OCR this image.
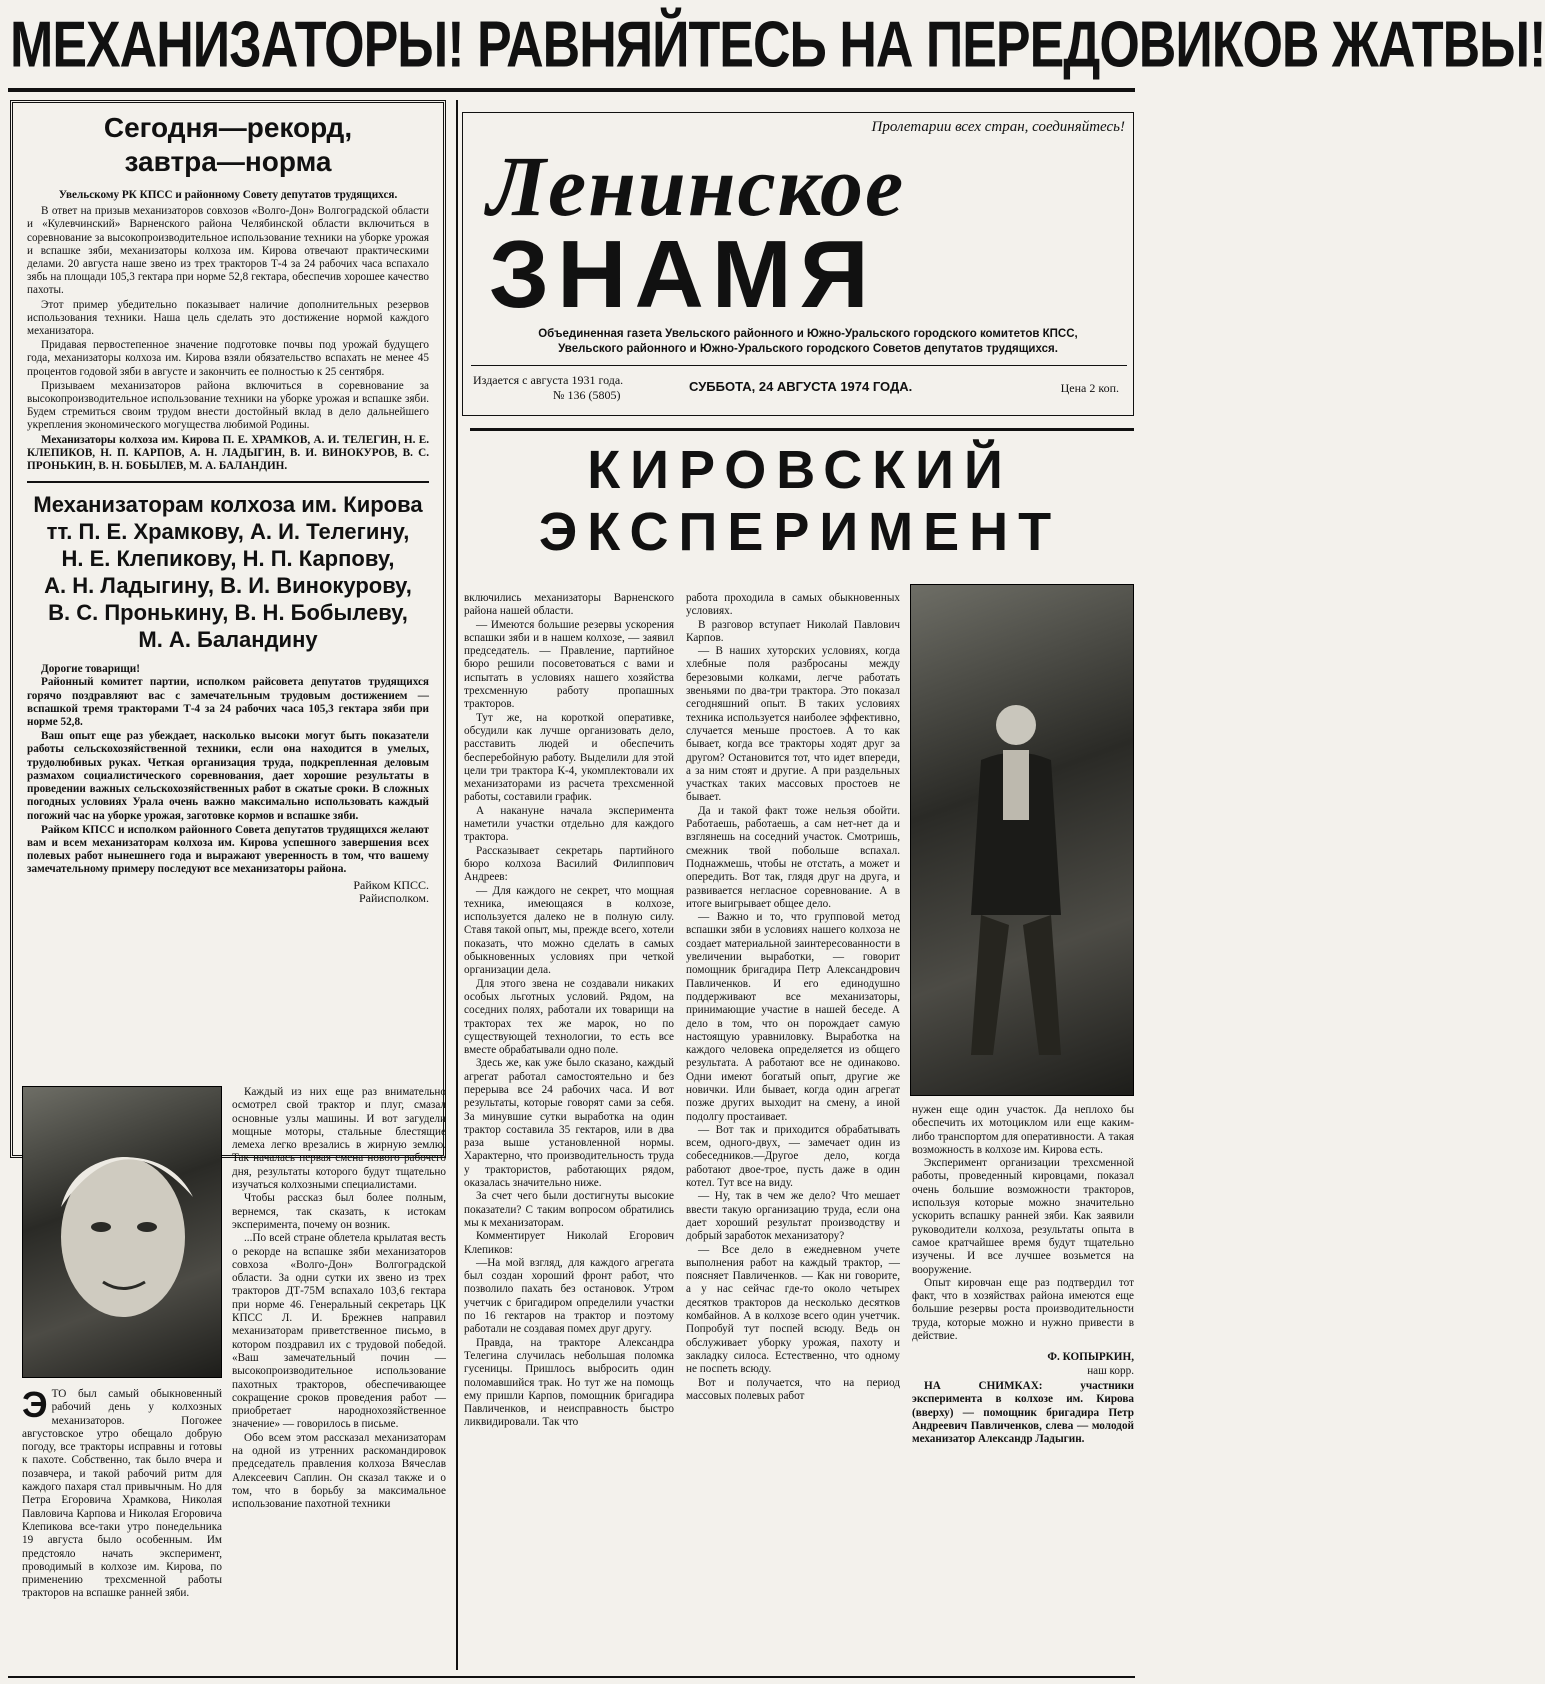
МЕХАНИЗАТОРЫ! РАВНЯЙТЕСЬ НА ПЕРЕДОВИКОВ ЖАТВЫ!
Сегодня—рекорд,
завтра—норма
Увельскому РК КПСС и районному Совету депутатов трудящихся.

В ответ на призыв механизаторов совхозов «Волго-Дон» Волгоградской области и «Кулевчинский» Варненского района Челябинской области включиться в соревнование за высокопроизводительное использование техники на уборке урожая и вспашке зяби, механизаторы колхоза им. Кирова отвечают практическими делами. 20 августа наше звено из трех тракторов Т-4 за 24 рабочих часа вспахало зябь на площади 105,3 гектара при норме 52,8 гектара, обеспечив хорошее качество пахоты.

Этот пример убедительно показывает наличие дополнительных резервов использования техники. Наша цель сделать это достижение нормой каждого механизатора.

Придавая первостепенное значение подготовке почвы под урожай будущего года, механизаторы колхоза им. Кирова взяли обязательство вспахать не менее 45 процентов годовой зяби в августе и закончить ее полностью к 25 сентября.

Призываем механизаторов района включиться в соревнование за высокопроизводительное использование техники на уборке урожая и вспашке зяби. Будем стремиться своим трудом внести достойный вклад в дело дальнейшего укрепления экономического могущества любимой Родины.

Механизаторы колхоза им. Кирова П. Е. ХРАМКОВ, А. И. ТЕЛЕГИН, Н. Е. КЛЕПИКОВ, Н. П. КАРПОВ, А. Н. ЛАДЫГИН, В. И. ВИНОКУРОВ, В. С. ПРОНЬКИН, В. Н. БОБЫЛЕВ, М. А. БАЛАНДИН.

Механизаторам колхоза им. Кирова
тт. П. Е. Храмкову, А. И. Телегину,
Н. Е. Клепикову, Н. П. Карпову,
А. Н. Ладыгину, В. И. Винокурову,
В. С. Пронькину, В. Н. Бобылеву,
М. А. Баландину
Дорогие товарищи!

Районный комитет партии, исполком райсовета депутатов трудящихся горячо поздравляют вас с замечательным трудовым достижением — вспашкой тремя тракторами Т-4 за 24 рабочих часа 105,3 гектара зяби при норме 52,8.

Ваш опыт еще раз убеждает, насколько высоки могут быть показатели работы сельскохозяйственной техники, если она находится в умелых, трудолюбивых руках. Четкая организация труда, подкрепленная деловым размахом социалистического соревнования, дает хорошие результаты в проведении важных сельскохозяйственных работ в сжатые сроки. В сложных погодных условиях Урала очень важно максимально использовать каждый погожий час на уборке урожая, заготовке кормов и вспашке зяби.

Райком КПСС и исполком районного Совета депутатов трудящихся желают вам и всем механизаторам колхоза им. Кирова успешного завершения всех полевых работ нынешнего года и выражают уверенность в том, что вашему замечательному примеру последуют все механизаторы района.

Райком КПСС.
Райисполком.
Пролетарии всех стран, соединяйтесь!
Ленинское
ЗНАМЯ
Объединенная газета Увельского районного и Южно-Уральского городского комитетов КПСС,
Увельского районного и Южно-Уральского городского Советов депутатов трудящихся.
Издается с августа 1931 года.
№ 136 (5805)
СУББОТА, 24 АВГУСТА 1974 ГОДА.	Цена 2 коп.
КИРОВСКИЙ
ЭКСПЕРИМЕНТ

ЭТО был самый обыкновенный рабочий день у колхозных механизаторов. Погожее августовское утро обещало добрую погоду, все тракторы исправны и готовы к пахоте. Собственно, так было вчера и позавчера, и такой рабочий ритм для каждого пахаря стал привычным. Но для Петра Егоровича Храмкова, Николая Павловича Карпова и Николая Егоровича Клепикова все-таки утро понедельника 19 августа было особенным. Им предстояло начать эксперимент, проводимый в колхозе им. Кирова, по применению трехсменной работы тракторов на вспашке ранней зяби.

Каждый из них еще раз внимательно осмотрел свой трактор и плуг, смазал основные узлы машины. И вот загудели мощные моторы, стальные блестящие лемеха легко врезались в жирную землю. Так началась первая смена нового рабочего дня, результаты которого будут тщательно изучаться колхозными специалистами.

Чтобы рассказ был более полным, вернемся, так сказать, к истокам эксперимента, почему он возник.

...По всей стране облетела крылатая весть о рекорде на вспашке зяби механизаторов совхоза «Волго-Дон» Волгоградской области. За одни сутки их звено из трех тракторов ДТ-75М вспахало 103,6 гектара при норме 46. Генеральный секретарь ЦК КПСС Л. И. Брежнев направил механизаторам приветственное письмо, в котором поздравил их с трудовой победой. «Ваш замечательный почин — высокопроизводительное использование пахотных тракторов, обеспечивающее сокращение сроков проведения работ — приобретает народнохозяйственное значение» — говорилось в письме.

Обо всем этом рассказал механизаторам на одной из утренних раскомандировок председатель правления колхоза Вячеслав Алексеевич Саплин. Он сказал также и о том, что в борьбу за максимальное использование пахотной техники

включились механизаторы Варненского района нашей области.

— Имеются большие резервы ускорения вспашки зяби и в нашем колхозе, — заявил председатель. — Правление, партийное бюро решили посоветоваться с вами и испытать в условиях нашего хозяйства трехсменную работу пропашных тракторов.

Тут же, на короткой оперативке, обсудили как лучше организовать дело, расставить людей и обеспечить бесперебойную работу. Выделили для этой цели три трактора К-4, укомплектовали их механизаторами из расчета трехсменной работы, составили график.

А накануне начала эксперимента наметили участки отдельно для каждого трактора.

Рассказывает секретарь партийного бюро колхоза Василий Филиппович Андреев:

— Для каждого не секрет, что мощная техника, имеющаяся в колхозе, используется далеко не в полную силу. Ставя такой опыт, мы, прежде всего, хотели показать, что можно сделать в самых обыкновенных условиях при четкой организации дела.

Для этого звена не создавали никаких особых льготных условий. Рядом, на соседних полях, работали их товарищи на тракторах тех же марок, но по существующей технологии, то есть все вместе обрабатывали одно поле.

Здесь же, как уже было сказано, каждый агрегат работал самостоятельно и без перерыва все 24 рабочих часа. И вот результаты, которые говорят сами за себя. За минувшие сутки выработка на один трактор составила 35 гектаров, или в два раза выше установленной нормы. Характерно, что производительность труда у трактористов, работающих рядом, оказалась значительно ниже.

За счет чего были достигнуты высокие показатели? С таким вопросом обратились мы к механизаторам.

Комментирует Николай Егорович Клепиков:

—На мой взгляд, для каждого агрегата был создан хороший фронт работ, что позволило пахать без остановок. Утром учетчик с бригадиром определили участки по 16 гектаров на трактор и поэтому работали не создавая помех друг другу.

Правда, на тракторе Александра Телегина случилась небольшая поломка гусеницы. Пришлось выбросить один поломавшийся трак. Но тут же на помощь ему пришли Карпов, помощник бригадира Павличенков, и неисправность быстро ликвидировали. Так что

работа проходила в самых обыкновенных условиях.

В разговор вступает Николай Павлович Карпов.

— В наших хуторских условиях, когда хлебные поля разбросаны между березовыми колками, легче работать звеньями по два-три трактора. Это показал сегодняшний опыт. В таких условиях техника используется наиболее эффективно, случается меньше простоев. А то как бывает, когда все тракторы ходят друг за другом? Остановится тот, что идет впереди, а за ним стоят и другие. А при раздельных участках таких массовых простоев не бывает.

Да и такой факт тоже нельзя обойти. Работаешь, работаешь, а сам нет-нет да и взглянешь на соседний участок. Смотришь, смежник твой побольше вспахал. Поднажмешь, чтобы не отстать, а может и опередить. Вот так, глядя друг на друга, и развивается негласное соревнование. А в итоге выигрывает общее дело.

— Важно и то, что групповой метод вспашки зяби в условиях нашего колхоза не создает материальной заинтересованности в увеличении выработки, — говорит помощник бригадира Петр Александрович Павличенков. И его единодушно поддерживают все механизаторы, принимающие участие в нашей беседе. А дело в том, что он порождает самую настоящую уравниловку. Выработка на каждого человека определяется из общего результата. А работают все не одинаково. Одни имеют богатый опыт, другие же новички. Или бывает, когда один агрегат позже других выходит на смену, а иной подолгу простаивает.

— Вот так и приходится обрабатывать всем, одного-двух, — замечает один из собеседников.—Другое дело, когда работают двое-трое, пусть даже в один котел. Тут все на виду.

— Ну, так в чем же дело? Что мешает ввести такую организацию труда, если она дает хороший результат производству и добрый заработок механизатору?

— Все дело в ежедневном учете выполнения работ на каждый трактор, — поясняет Павличенков. — Как ни говорите, а у нас сейчас где-то около четырех десятков тракторов да несколько десятков комбайнов. А в колхозе всего один учетчик. Попробуй тут поспей всюду. Ведь он обслуживает уборку урожая, пахоту и закладку силоса. Естественно, что одному не поспеть всюду.

Вот и получается, что на период массовых полевых работ

нужен еще один участок. Да неплохо бы обеспечить их мотоциклом или еще каким-либо транспортом для оперативности. А такая возможность в колхозе им. Кирова есть.

Эксперимент организации трехсменной работы, проведенный кировцами, показал очень большие возможности тракторов, используя которые можно значительно ускорить вспашку ранней зяби. Как заявили руководители колхоза, результаты опыта в самое кратчайшее время будут тщательно изучены. И все лучшее возьмется на вооружение.

Опыт кировчан еще раз подтвердил тот факт, что в хозяйствах района имеются еще большие резервы роста производительности труда, которые можно и нужно привести в действие.

Ф. КОПЫРКИН,
наш корр.

НА СНИМКАХ:	участники эксперимента в колхозе им. Кирова (вверху) — помощник бригадира Петр Андреевич Павличенков, слева — молодой механизатор Александр Ладыгин.
